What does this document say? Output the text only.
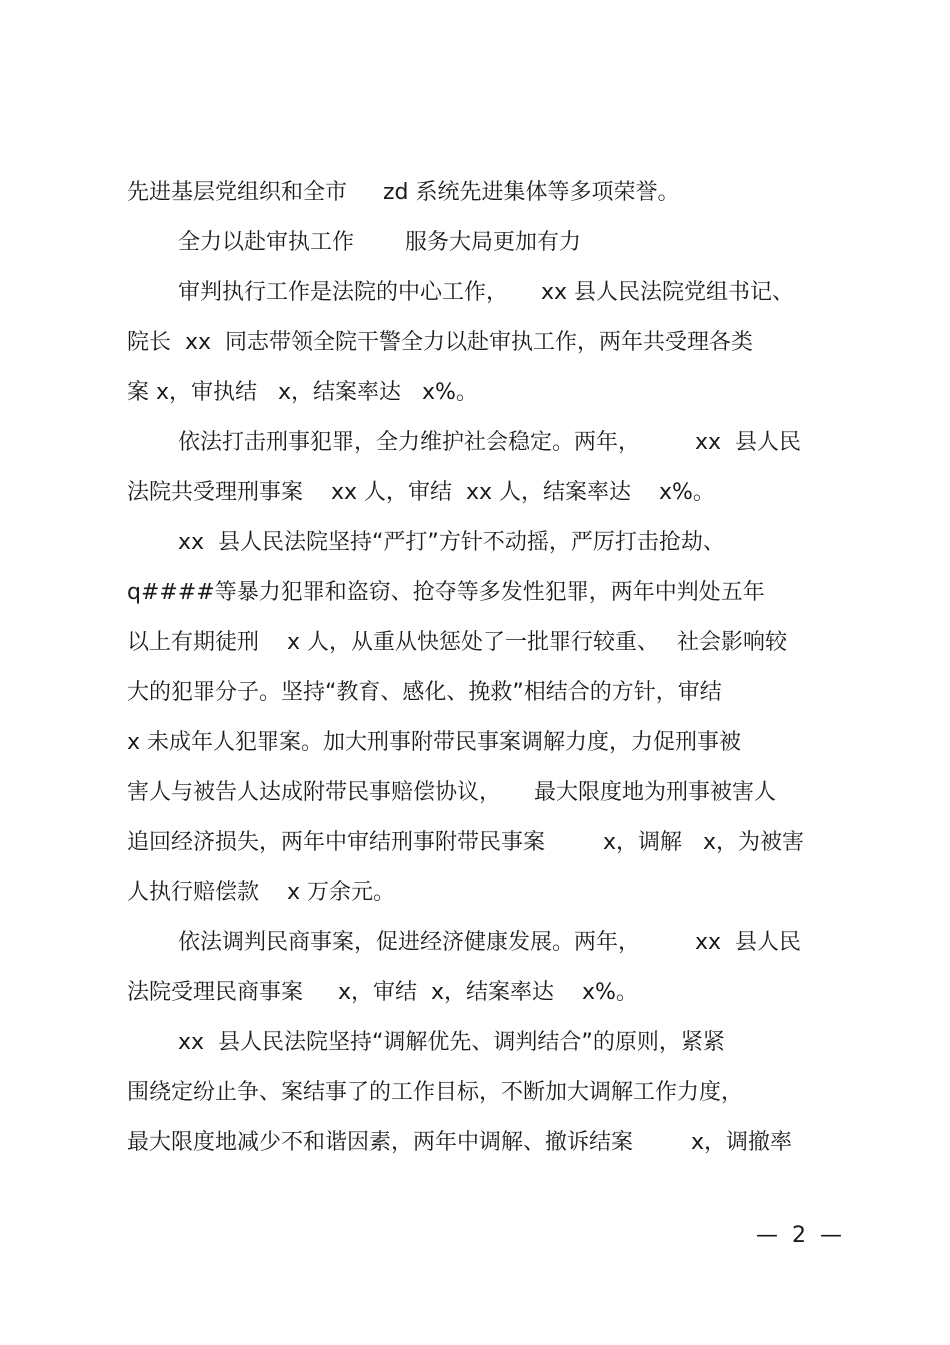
先进基层党组织和全市　  zd 系统先进集体等多项荣誉。
全力以赴审执工作　　 服务大局更加有力
审判执行工作是法院的中心工作，　　xx 县人民法院党组书记、
院长  xx  同志带领全院干警全力以赴审执工作，两年共受理各类
案 x，审执结   x，结案率达   x%。
依法打击刑事犯罪，全力维护社会稳定。两年，　　　xx  县人民
法院共受理刑事案    xx 人，审结  xx 人，结案率达    x%。
xx  县人民法院坚持“严打”方针不动摇，严厉打击抢劫、
q####等暴力犯罪和盗窃、抢夺等多发性犯罪，两年中判处五年
以上有期徒刑    x 人，从重从快惩处了一批罪行较重、　 社会影响较
大的犯罪分子。坚持“教育、感化、挽救”相结合的方针，审结
x 未成年人犯罪案。加大刑事附带民事案调解力度，力促刑事被
害人与被告人达成附带民事赔偿协议，　　最大限度地为刑事被害人
追回经济损失，两年中审结刑事附带民事案　　  x，调解   x，为被害
人执行赔偿款    x 万余元。
依法调判民商事案，促进经济健康发展。两年，　　　xx  县人民
法院受理民商事案     x，审结  x，结案率达    x%。
xx  县人民法院坚持“调解优先、调判结合”的原则，紧紧
围绕定纷止争、案结事了的工作目标，不断加大调解工作力度，
最大限度地减少不和谐因素，两年中调解、撤诉结案　　  x，调撤率
—  2  —
